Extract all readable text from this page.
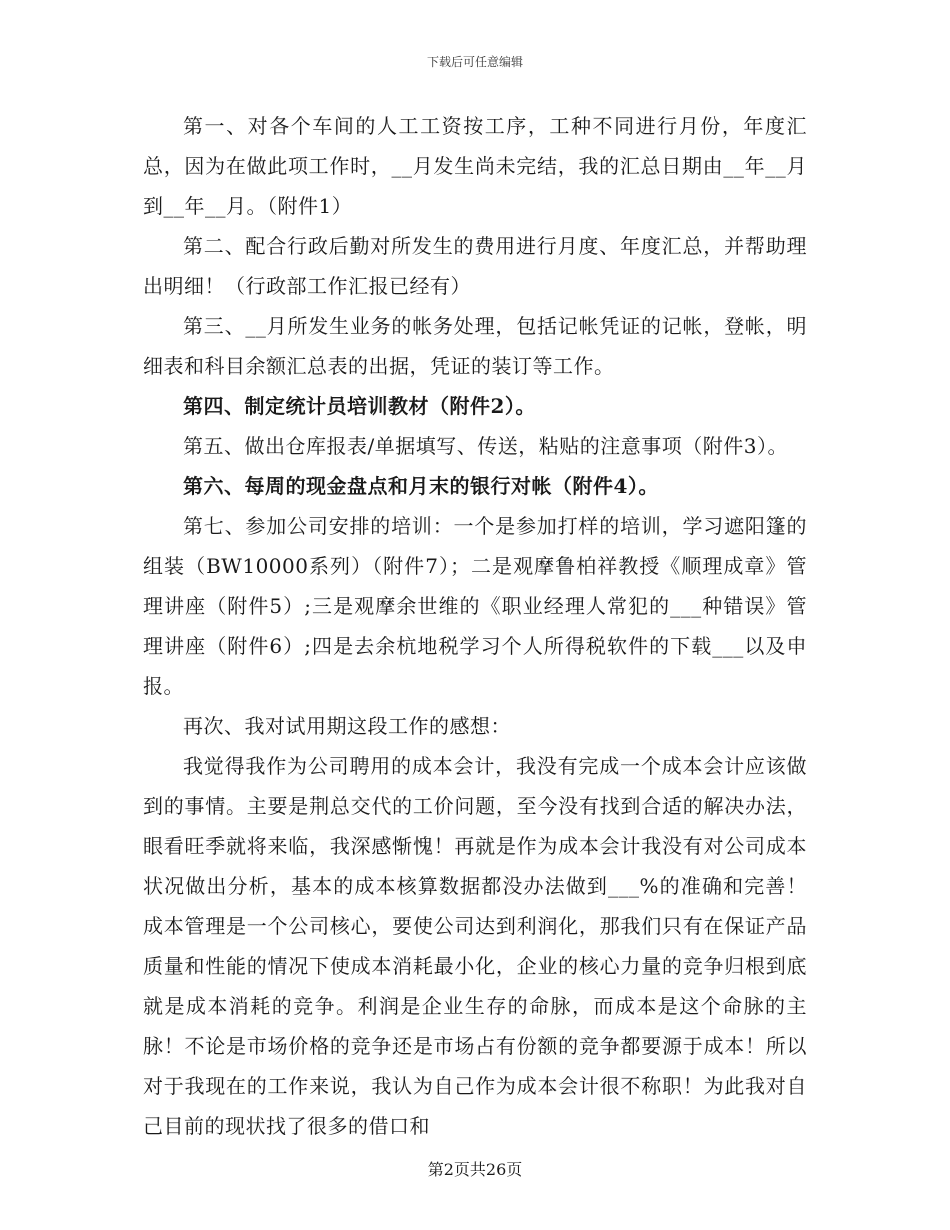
下载后可任意编辑

第一、对各个车间的人工工资按工序，工种不同进行月份，年度汇总，因为在做此项工作时，__月发生尚未完结，我的汇总日期由__年__月到__年__月。（附件1）

第二、配合行政后勤对所发生的费用进行月度、年度汇总，并帮助理出明细！（行政部工作汇报已经有）

第三、__月所发生业务的帐务处理，包括记帐凭证的记帐，登帐，明细表和科目余额汇总表的出据，凭证的装订等工作。

第四、制定统计员培训教材（附件2）。

第五、做出仓库报表/单据填写、传送，粘贴的注意事项（附件3）。

第六、每周的现金盘点和月末的银行对帐（附件4）。

第七、参加公司安排的培训：一个是参加打样的培训，学习遮阳篷的组装（BW10000系列）（附件7）；二是观摩鲁柏祥教授《顺理成章》管理讲座（附件5）;三是观摩余世维的《职业经理人常犯的___种错误》管理讲座（附件6）;四是去余杭地税学习个人所得税软件的下载___以及申报。

再次、我对试用期这段工作的感想：

我觉得我作为公司聘用的成本会计，我没有完成一个成本会计应该做到的事情。主要是荆总交代的工价问题，至今没有找到合适的解决办法，眼看旺季就将来临，我深感惭愧！再就是作为成本会计我没有对公司成本状况做出分析，基本的成本核算数据都没办法做到___%的准确和完善！成本管理是一个公司核心，要使公司达到利润化，那我们只有在保证产品质量和性能的情况下使成本消耗最小化，企业的核心力量的竞争归根到底就是成本消耗的竞争。利润是企业生存的命脉，而成本是这个命脉的主脉！不论是市场价格的竞争还是市场占有份额的竞争都要源于成本！所以对于我现在的工作来说，我认为自己作为成本会计很不称职！为此我对自己目前的现状找了很多的借口和

第2页共26页
